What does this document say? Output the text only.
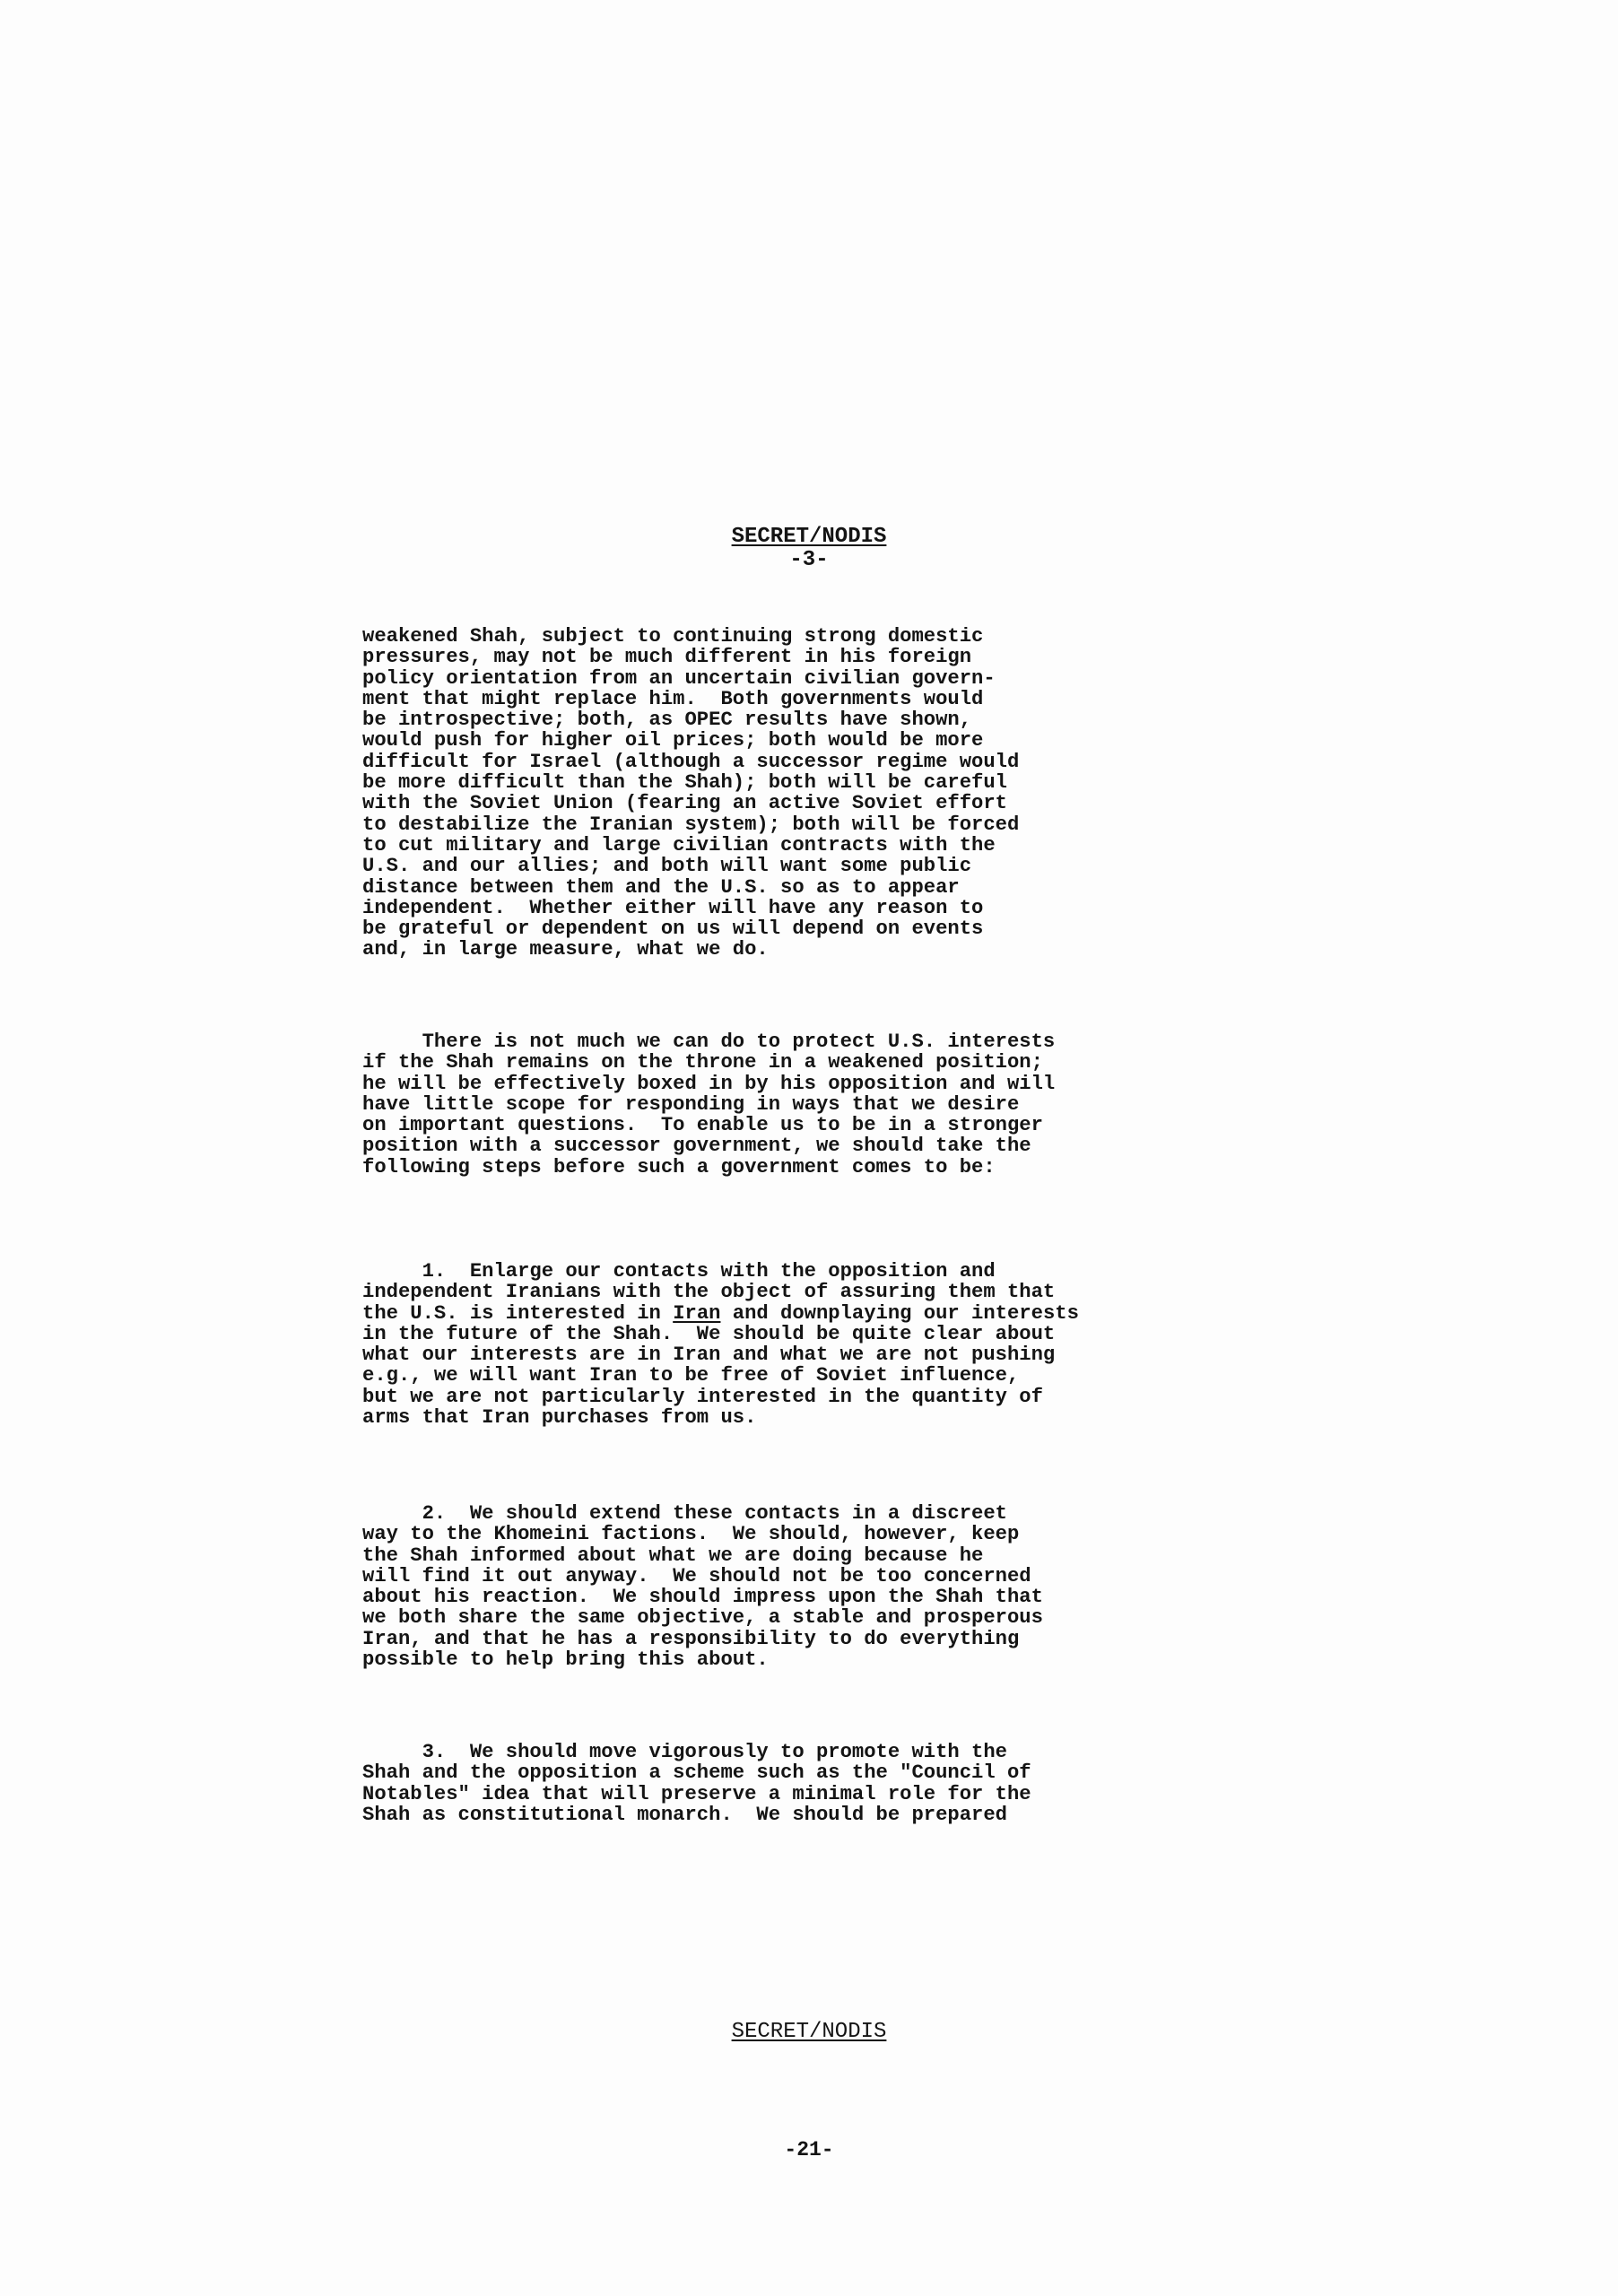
SECRET/NODIS
-3-
weakened Shah, subject to continuing strong domestic
pressures, may not be much different in his foreign
policy orientation from an uncertain civilian govern-
ment that might replace him.  Both governments would
be introspective; both, as OPEC results have shown,
would push for higher oil prices; both would be more
difficult for Israel (although a successor regime would
be more difficult than the Shah); both will be careful
with the Soviet Union (fearing an active Soviet effort
to destabilize the Iranian system); both will be forced
to cut military and large civilian contracts with the
U.S. and our allies; and both will want some public
distance between them and the U.S. so as to appear
independent.  Whether either will have any reason to
be grateful or dependent on us will depend on events
and, in large measure, what we do.
There is not much we can do to protect U.S. interests
if the Shah remains on the throne in a weakened position;
he will be effectively boxed in by his opposition and will
have little scope for responding in ways that we desire
on important questions.  To enable us to be in a stronger
position with a successor government, we should take the
following steps before such a government comes to be:
1.  Enlarge our contacts with the opposition and
independent Iranians with the object of assuring them that
the U.S. is interested in Iran and downplaying our interests
in the future of the Shah.  We should be quite clear about
what our interests are in Iran and what we are not pushing
e.g., we will want Iran to be free of Soviet influence,
but we are not particularly interested in the quantity of
arms that Iran purchases from us.
2.  We should extend these contacts in a discreet
way to the Khomeini factions.  We should, however, keep
the Shah informed about what we are doing because he
will find it out anyway.  We should not be too concerned
about his reaction.  We should impress upon the Shah that
we both share the same objective, a stable and prosperous
Iran, and that he has a responsibility to do everything
possible to help bring this about.
3.  We should move vigorously to promote with the
Shah and the opposition a scheme such as the "Council of
Notables" idea that will preserve a minimal role for the
Shah as constitutional monarch.  We should be prepared
SECRET/NODIS
-21-
